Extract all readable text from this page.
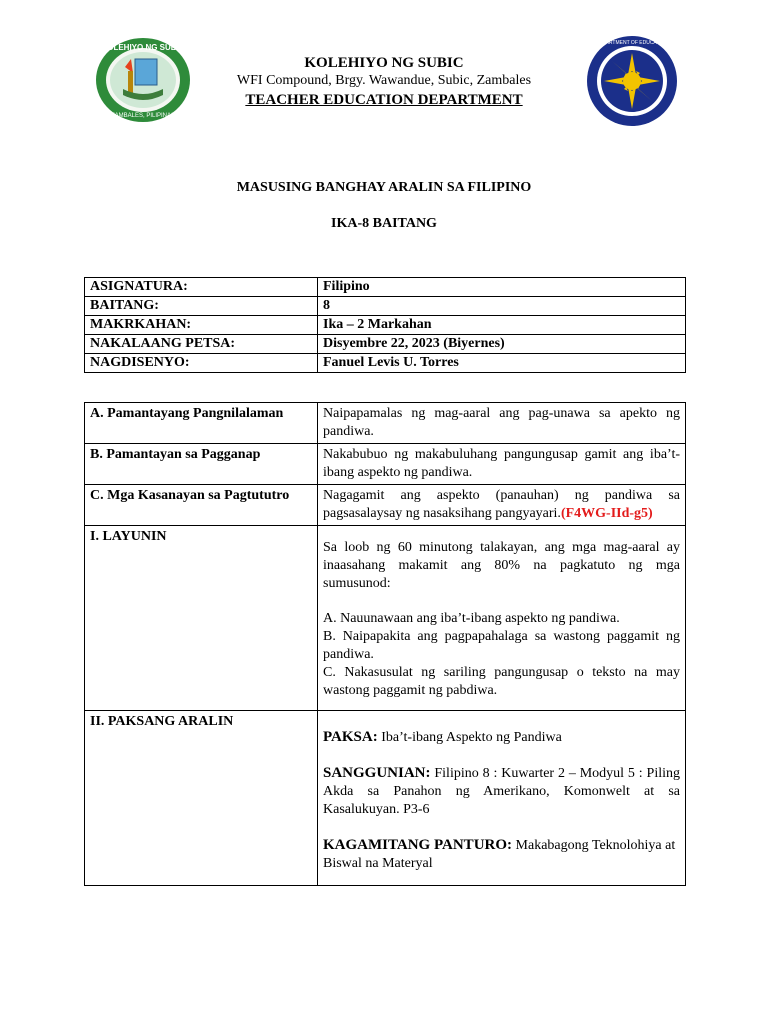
KOLEHIYO NG SUBIC
ZAMBALES, PILIPINAS
DEPARTMENT OF EDUCATION
KOLEHIYO NG SUBIC
WFI Compound, Brgy. Wawandue, Subic, Zambales
TEACHER EDUCATION DEPARTMENT
MASUSING BANGHAY ARALIN SA FILIPINO
IKA-8 BAITANG
ASIGNATURA:	Filipino
BAITANG:	8
MAKRKAHAN:	Ika – 2 Markahan
NAKALAANG PETSA:	Disyembre 22, 2023 (Biyernes)
NAGDISENYO:	Fanuel Levis U. Torres
A. Pamantayang Pangnilalaman	Naipapamalas ng mag-aaral ang pag-unawa sa apekto ng pandiwa.
B. Pamantayan sa Pagganap	Nakabubuo ng makabuluhang pangungusap gamit ang iba’t-ibang aspekto ng pandiwa.
C. Mga Kasanayan sa Pagtututro	Nagagamit ang aspekto (panauhan) ng pandiwa sa pagsasalaysay ng nasaksihang pangyayari.(F4WG-IId-g5)
I. LAYUNIN	Sa loob ng 60 minutong talakayan, ang mga mag-aaral ay inaasahang makamit ang 80% na pagkatuto ng mga sumusunod:

A. Nauunawaan ang iba’t-ibang aspekto ng pandiwa.

B. Naipapakita ang pagpapahalaga sa wastong paggamit ng pandiwa.

C. Nakasusulat ng sariling pangungusap o teksto na may wastong paggamit ng pabdiwa.

II. PAKSANG ARALIN	PAKSA: Iba’t-ibang Aspekto ng Pandiwa

SANGGUNIAN: Filipino 8 : Kuwarter 2 – Modyul 5 : Piling Akda sa Panahon ng Amerikano, Komonwelt at sa Kasalukuyan. P3-6

KAGAMITANG PANTURO: Makabagong Teknolohiya at Biswal na Materyal
